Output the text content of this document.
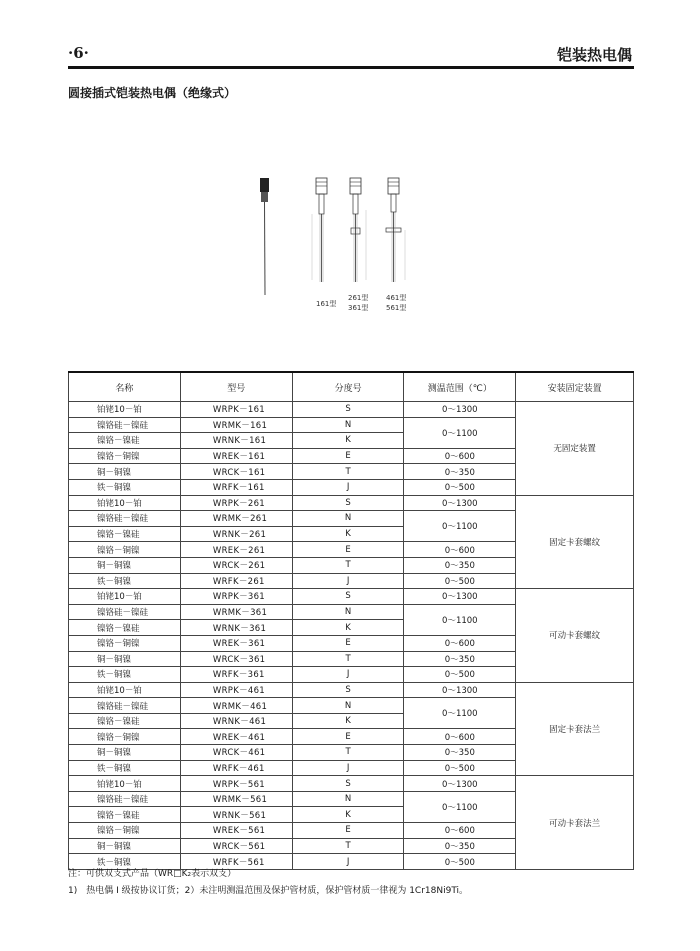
·6·	铠装热电偶
圆接插式铠装热电偶（绝缘式）
161型
261型
361型
461型
561型
名称	型号	分度号	测温范围（℃）	安装固定装置
铂铑10－铂	WRPK－161	S	0～1300	无固定装置
镍铬硅－镍硅	WRMK－161	N	0～1100	
镍铬－镍硅	WRNK－161	K		
镍铬－铜镍	WREK－161	E	0～600	
铜－铜镍	WRCK－161	T	0～350	
铁－铜镍	WRFK－161	J	0～500	
铂铑10－铂	WRPK－261	S	0～1300	固定卡套螺纹
镍铬硅－镍硅	WRMK－261	N	0～1100	
镍铬－镍硅	WRNK－261	K		
镍铬－铜镍	WREK－261	E	0～600	
铜－铜镍	WRCK－261	T	0～350	
铁－铜镍	WRFK－261	J	0～500	
铂铑10－铂	WRPK－361	S	0～1300	可动卡套螺纹
镍铬硅－镍硅	WRMK－361	N	0～1100	
镍铬－镍硅	WRNK－361	K		
镍铬－铜镍	WREK－361	E	0～600	
铜－铜镍	WRCK－361	T	0～350	
铁－铜镍	WRFK－361	J	0～500	
铂铑10－铂	WRPK－461	S	0～1300	固定卡套法兰
镍铬硅－镍硅	WRMK－461	N	0～1100	
镍铬－镍硅	WRNK－461	K		
镍铬－铜镍	WREK－461	E	0～600	
铜－铜镍	WRCK－461	T	0～350	
铁－铜镍	WRFK－461	J	0～500	
铂铑10－铂	WRPK－561	S	0～1300	可动卡套法兰
镍铬硅－镍硅	WRMK－561	N	0～1100	
镍铬－镍硅	WRNK－561	K		
镍铬－铜镍	WREK－561	E	0～600	
铜－铜镍	WRCK－561	T	0～350	
铁－铜镍	WRFK－561	J	0～500	
注：可供双支式产品（WR□K₂表示双支）
1)　热电偶 I 级按协议订货；2）未注明测温范围及保护管材质，保护管材质一律视为 1Cr18Ni9Ti。
